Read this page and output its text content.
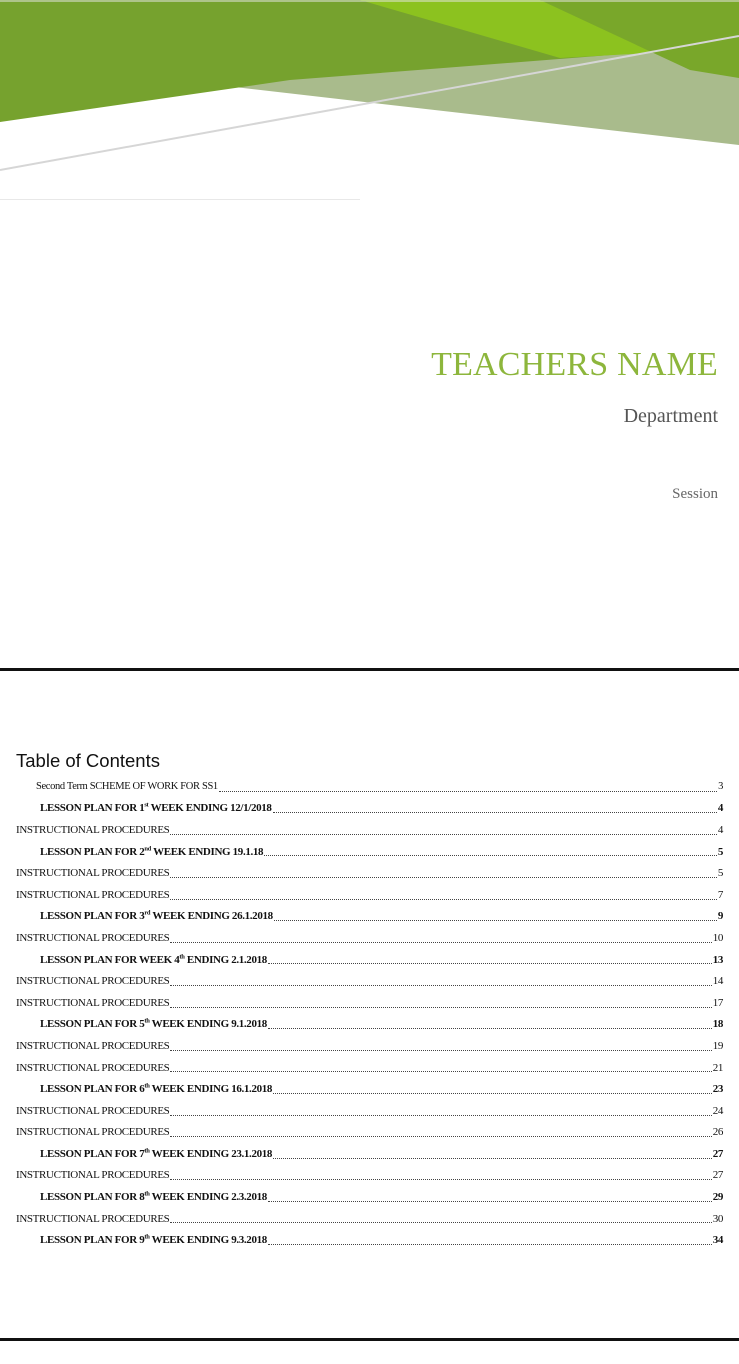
TEACHERS NAME
Department
Session
Table of Contents
Second Term SCHEME OF WORK FOR SS1	3
LESSON PLAN FOR 1st WEEK ENDING 12/1/2018	4
INSTRUCTIONAL PROCEDURES	4
LESSON PLAN FOR 2nd WEEK ENDING 19.1.18	5
INSTRUCTIONAL PROCEDURES	5
INSTRUCTIONAL PROCEDURES	7
LESSON PLAN FOR 3rd WEEK ENDING 26.1.2018	9
INSTRUCTIONAL PROCEDURES	10
LESSON PLAN FOR WEEK 4th ENDING 2.1.2018	13
INSTRUCTIONAL PROCEDURES	14
INSTRUCTIONAL PROCEDURES	17
LESSON PLAN FOR 5th WEEK ENDING 9.1.2018	18
INSTRUCTIONAL PROCEDURES	19
INSTRUCTIONAL PROCEDURES	21
LESSON PLAN FOR 6th WEEK ENDING 16.1.2018	23
INSTRUCTIONAL PROCEDURES	24
INSTRUCTIONAL PROCEDURES	26
LESSON PLAN FOR 7th WEEK ENDING 23.1.2018	27
INSTRUCTIONAL PROCEDURES	27
LESSON PLAN FOR 8th WEEK ENDING 2.3.2018	29
INSTRUCTIONAL PROCEDURES	30
LESSON PLAN FOR 9th WEEK ENDING 9.3.2018	34
